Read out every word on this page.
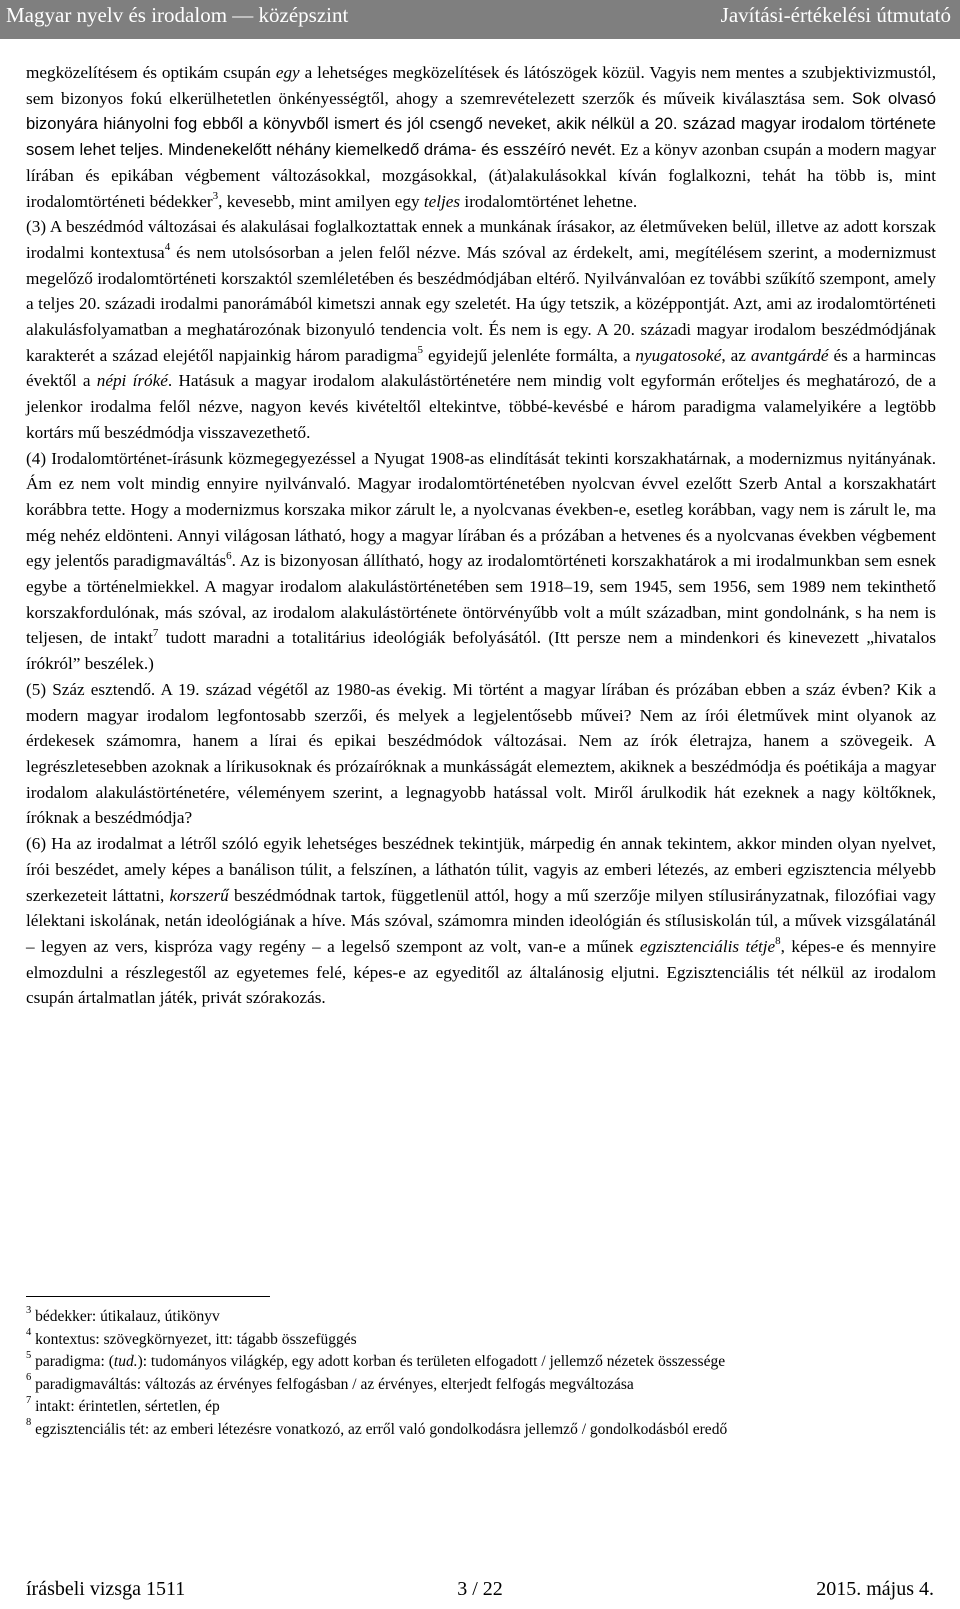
Magyar nyelv és irodalom — középszint	Javítási-értékelési útmutató

megközelítésem és optikám csupán egy a lehetséges megközelítések és látószögek közül. Vagyis nem mentes a szubjektivizmustól, sem bizonyos fokú elkerülhetetlen önkényességtől, ahogy a szemrevételezett szerzők és műveik kiválasztása sem. Sok olvasó bizonyára hiányolni fog ebből a könyvből ismert és jól csengő neveket, akik nélkül a 20. század magyar irodalom története sosem lehet teljes. Mindenekelőtt néhány kiemelkedő dráma- és esszéíró nevét. Ez a könyv azonban csupán a modern magyar lírában és epikában végbement változásokkal, mozgásokkal, (át)alakulásokkal kíván foglalkozni, tehát ha több is, mint irodalomtörténeti bédekker$^3$, kevesebb, mint amilyen egy teljes irodalomtörténet lehetne.

(3) A beszédmód változásai és alakulásai foglalkoztattak ennek a munkának írásakor, az életműveken belül, illetve az adott korszak irodalmi kontextusa$^4$ és nem utolsósorban a jelen felől nézve. Más szóval az érdekelt, ami, megítélésem szerint, a modernizmust megelőző irodalomtörténeti korszaktól szemléletében és beszédmódjában eltérő. Nyilvánvalóan ez további szűkítő szempont, amely a teljes 20. századi irodalmi panorámából kimetszi annak egy szeletét. Ha úgy tetszik, a középpontját. Azt, ami az irodalomtörténeti alakulásfolyamatban a meghatározónak bizonyuló tendencia volt. És nem is egy. A 20. századi magyar irodalom beszédmódjának karakterét a század elejétől napjainkig három paradigma$^5$ egyidejű jelenléte formálta, a nyugatosoké, az avantgárdé és a harmincas évektől a népi íróké. Hatásuk a magyar irodalom alakulástörténetére nem mindig volt egyformán erőteljes és meghatározó, de a jelenkor irodalma felől nézve, nagyon kevés kivételtől eltekintve, többé-kevésbé e három paradigma valamelyikére a legtöbb kortárs mű beszédmódja visszavezethető.

(4) Irodalomtörténet-írásunk közmegegyezéssel a Nyugat 1908-as elindítását tekinti korszakhatárnak, a modernizmus nyitányának. Ám ez nem volt mindig ennyire nyilvánvaló. Magyar irodalomtörténetében nyolcvan évvel ezelőtt Szerb Antal a korszakhatárt korábbra tette. Hogy a modernizmus korszaka mikor zárult le, a nyolcvanas években-e, esetleg korábban, vagy nem is zárult le, ma még nehéz eldönteni. Annyi világosan látható, hogy a magyar lírában és a prózában a hetvenes és a nyolcvanas években végbement egy jelentős paradigmaváltás$^6$. Az is bizonyosan állítható, hogy az irodalomtörténeti korszakhatárok a mi irodalmunkban sem esnek egybe a történelmiekkel. A magyar irodalom alakulástörténetében sem 1918–19, sem 1945, sem 1956, sem 1989 nem tekinthető korszakfordulónak, más szóval, az irodalom alakulástörténete öntörvényűbb volt a múlt században, mint gondolnánk, s ha nem is teljesen, de intakt$^7$ tudott maradni a totalitárius ideológiák befolyásától. (Itt persze nem a mindenkori és kinevezett „hivatalos írókról” beszélek.)

(5) Száz esztendő. A 19. század végétől az 1980-as évekig. Mi történt a magyar lírában és prózában ebben a száz évben? Kik a modern magyar irodalom legfontosabb szerzői, és melyek a legjelentősebb művei? Nem az írói életművek mint olyanok az érdekesek számomra, hanem a lírai és epikai beszédmódok változásai. Nem az írók életrajza, hanem a szövegeik. A legrészletesebben azoknak a lírikusoknak és prózaíróknak a munkásságát elemeztem, akiknek a beszédmódja és poétikája a magyar irodalom alakulástörténetére, véleményem szerint, a legnagyobb hatással volt. Miről árulkodik hát ezeknek a nagy költőknek, íróknak a beszédmódja?

(6) Ha az irodalmat a létről szóló egyik lehetséges beszédnek tekintjük, márpedig én annak tekintem, akkor minden olyan nyelvet, írói beszédet, amely képes a banálison túlit, a felszínen, a láthatón túlit, vagyis az emberi létezés, az emberi egzisztencia mélyebb szerkezeteit láttatni, korszerű beszédmódnak tartok, függetlenül attól, hogy a mű szerzője milyen stílusirányzatnak, filozófiai vagy lélektani iskolának, netán ideológiának a híve. Más szóval, számomra minden ideológián és stílusiskolán túl, a művek vizsgálatánál – legyen az vers, kispróza vagy regény – a legelső szempont az volt, van-e a műnek egzisztenciális tétje$^8$, képes-e és mennyire elmozdulni a részlegestől az egyetemes felé, képes-e az egyeditől az általánosig eljutni. Egzisztenciális tét nélkül az irodalom csupán ártalmatlan játék, privát szórakozás.

$^3$ bédekker: útikalauz, útikönyv

$^4$ kontextus: szövegkörnyezet, itt: tágabb összefüggés

$^5$ paradigma: (tud.): tudományos világkép, egy adott korban és területen elfogadott / jellemző nézetek összessége

$^6$ paradigmaváltás: változás az érvényes felfogásban / az érvényes, elterjedt felfogás megváltozása

$^7$ intakt: érintetlen, sértetlen, ép

$^8$ egzisztenciális tét: az emberi létezésre vonatkozó, az erről való gondolkodásra jellemző / gondolkodásból eredő

3 / 22
írásbeli vizsga 1511	2015. május 4.
